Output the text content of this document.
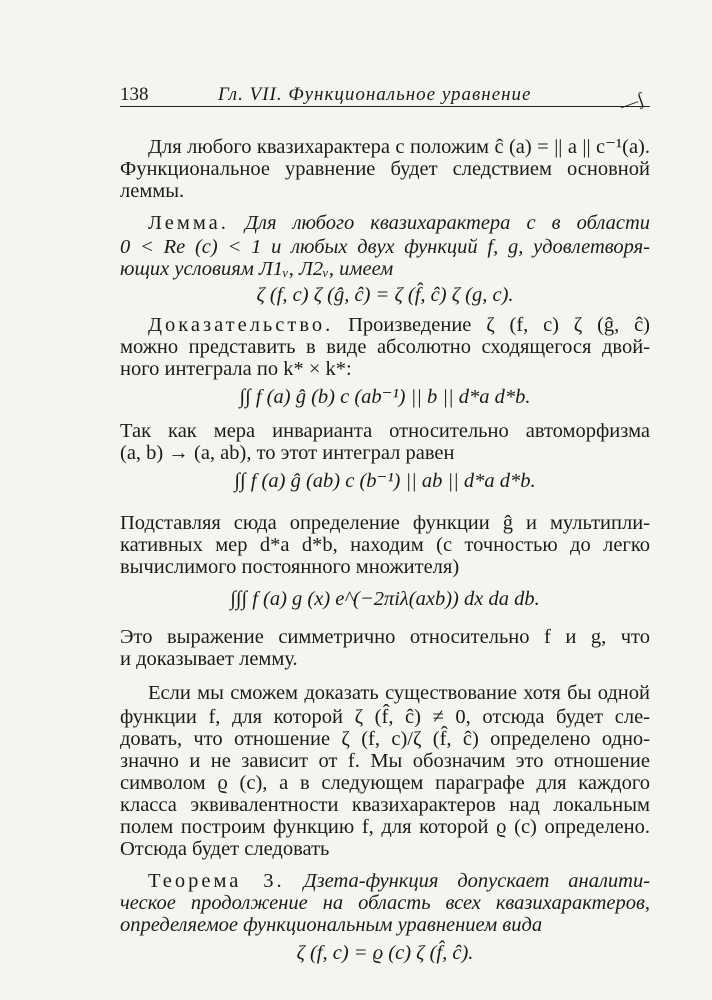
138	Гл. VII. Функциональное уравнение	—ʃ
Для любого квазихарактера c положим ĉ (a) = || a || c⁻¹(a).
Функциональное уравнение будет следствием основной
леммы.
Лемма. Для любого квазихарактера c в области
0 < Re (c) < 1 и любых двух функций f, g, удовлетворя-
ющих условиям Л1ᵥ, Л2ᵥ, имеем
ζ (f, c) ζ (ĝ, ĉ) = ζ (f̂, ĉ) ζ (g, c).
Доказательство. Произведение ζ (f, c) ζ (ĝ, ĉ)
можно представить в виде абсолютно сходящегося двой-
ного интеграла по k* × k*:
∫∫ f (a) ĝ (b) c (ab⁻¹) || b || d*a d*b.
Так как мера инварианта относительно автоморфизма
(a, b) → (a, ab), то этот интеграл равен
∫∫ f (a) ĝ (ab) c (b⁻¹) || ab || d*a d*b.
Подставляя сюда определение функции ĝ и мультипли-
кативных мер d*a d*b, находим (с точностью до легко
вычислимого постоянного множителя)
∫∫∫ f (a) g (x) e^(−2πiλ(axb)) dx da db.
Это выражение симметрично относительно f и g, что
и доказывает лемму.
Если мы сможем доказать существование хотя бы одной
функции f, для которой ζ (f̂, ĉ) ≠ 0, отсюда будет сле-
довать, что отношение ζ (f, c)/ζ (f̂, ĉ) определено одно-
значно и не зависит от f. Мы обозначим это отношение
символом ϱ (c), а в следующем параграфе для каждого
класса эквивалентности квазихарактеров над локальным
полем построим функцию f, для которой ϱ (c) определено.
Отсюда будет следовать
Теорема 3. Дзета-функция допускает аналити-
ческое продолжение на область всех квазихарактеров,
определяемое функциональным уравнением вида
ζ (f, c) = ϱ (c) ζ (f̂, ĉ).
